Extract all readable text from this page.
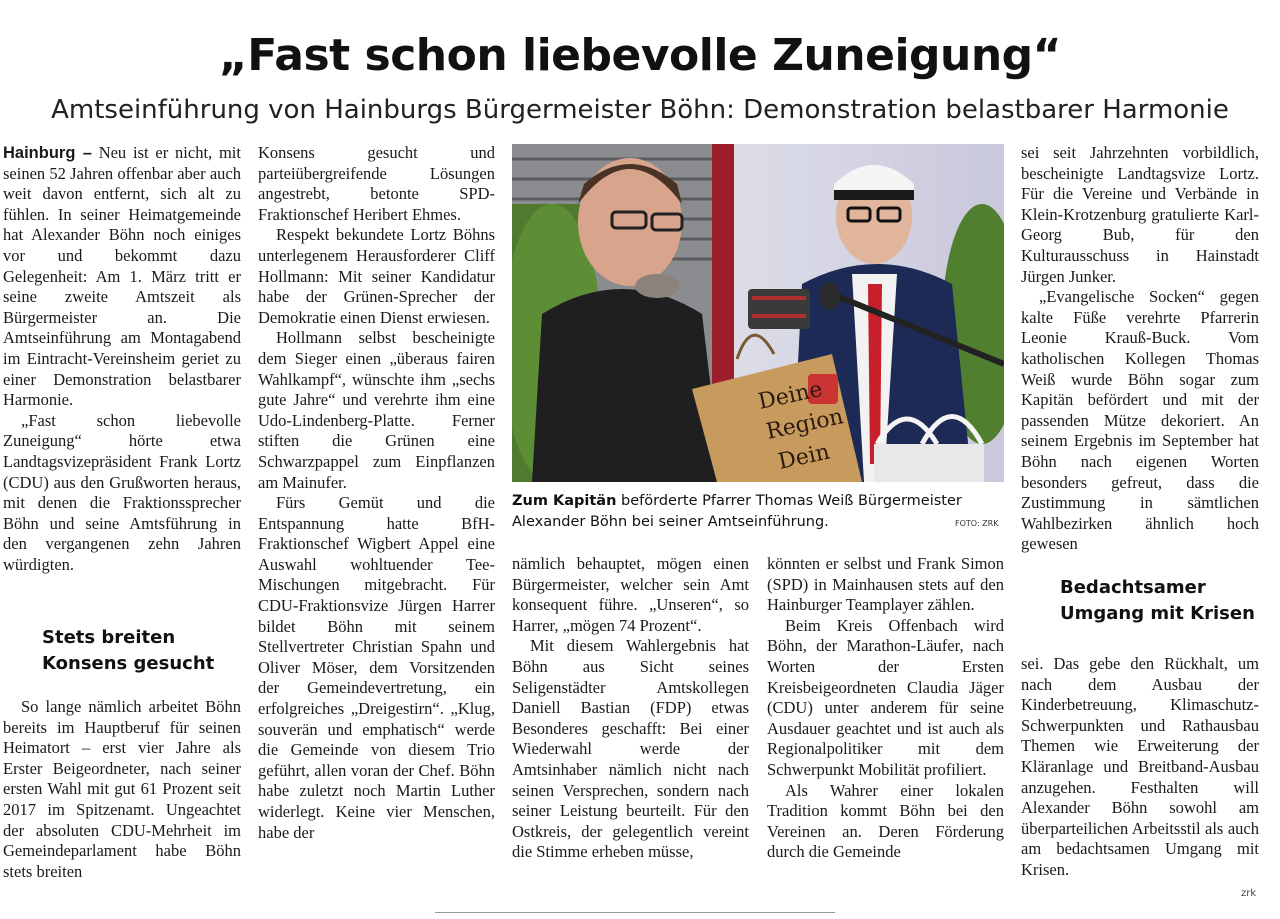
„Fast schon liebevolle Zuneigung“
Amtseinführung von Hainburgs Bürgermeister Böhn: Demonstration belastbarer Harmonie

Hainburg – Neu ist er nicht, mit seinen 52 Jahren offenbar aber auch weit davon entfernt, sich alt zu fühlen. In seiner Heimatgemeinde hat Alexander Böhn noch einiges vor und bekommt dazu Gelegenheit: Am 1. März tritt er seine zweite Amtszeit als Bürgermeister an. Die Amtseinführung am Montagabend im Eintracht-Vereinsheim geriet zu einer Demonstration belastbarer Harmonie.

„Fast schon liebevolle Zuneigung“ hörte etwa Landtagsvizepräsident Frank Lortz (CDU) aus den Grußworten heraus, mit denen die Fraktionssprecher Böhn und seine Amtsführung in den vergangenen zehn Jahren würdigten.

Stets breiten
Konsens gesucht

So lange nämlich arbeitet Böhn bereits im Hauptberuf für seinen Heimatort – erst vier Jahre als Erster Beigeordneter, nach seiner ersten Wahl mit gut 61 Prozent seit 2017 im Spitzenamt. Ungeachtet der absoluten CDU-Mehrheit im Gemeindeparlament habe Böhn stets breiten

Konsens gesucht und parteiübergreifende Lösungen angestrebt, betonte SPD-Fraktionschef Heribert Ehmes.

Respekt bekundete Lortz Böhns unterlegenem Herausforderer Cliff Hollmann: Mit seiner Kandidatur habe der Grünen-Sprecher der Demokratie einen Dienst erwiesen.

Hollmann selbst bescheinigte dem Sieger einen „überaus fairen Wahlkampf“, wünschte ihm „sechs gute Jahre“ und verehrte ihm eine Udo-Lindenberg-Platte. Ferner stiften die Grünen eine Schwarzpappel zum Einpflanzen am Mainufer.

Fürs Gemüt und die Entspannung hatte BfH-Fraktionschef Wigbert Appel eine Auswahl wohltuender Tee-Mischungen mitgebracht. Für CDU-Fraktionsvize Jürgen Harrer bildet Böhn mit seinem Stellvertreter Christian Spahn und Oliver Möser, dem Vorsitzenden der Gemeindevertretung, ein erfolgreiches „Dreigestirn“. „Klug, souverän und emphatisch“ werde die Gemeinde von diesem Trio geführt, allen voran der Chef. Böhn habe zuletzt noch Martin Luther widerlegt. Keine vier Menschen, habe der

Deine
Region
Dein
Zum Kapitän beförderte Pfarrer Thomas Weiß Bürgermeister Alexander Böhn bei seiner Amtseinführung.	FOTO: ZRK

nämlich behauptet, mögen einen Bürgermeister, welcher sein Amt konsequent führe. „Unseren“, so Harrer, „mögen 74 Prozent“.

Mit diesem Wahlergebnis hat Böhn aus Sicht seines Seligenstädter Amtskollegen Daniell Bastian (FDP) etwas Besonderes geschafft: Bei einer Wiederwahl werde der Amtsinhaber nämlich nicht nach seinen Versprechen, sondern nach seiner Leistung beurteilt. Für den Ostkreis, der gelegentlich vereint die Stimme erheben müsse,

könnten er selbst und Frank Simon (SPD) in Mainhausen stets auf den Hainburger Teamplayer zählen.

Beim Kreis Offenbach wird Böhn, der Marathon-Läufer, nach Worten der Ersten Kreisbeigeordneten Claudia Jäger (CDU) unter anderem für seine Ausdauer geachtet und ist auch als Regionalpolitiker mit dem Schwerpunkt Mobilität profiliert.

Als Wahrer einer lokalen Tradition kommt Böhn bei den Vereinen an. Deren Förderung durch die Gemeinde

sei seit Jahrzehnten vorbildlich, bescheinigte Landtagsvize Lortz. Für die Vereine und Verbände in Klein-Krotzenburg gratulierte Karl-Georg Bub, für den Kulturausschuss in Hainstadt Jürgen Junker.

„Evangelische Socken“ gegen kalte Füße verehrte Pfarrerin Leonie Krauß-Buck. Vom katholischen Kollegen Thomas Weiß wurde Böhn sogar zum Kapitän befördert und mit der passenden Mütze dekoriert. An seinem Ergebnis im September hat Böhn nach eigenen Worten besonders gefreut, dass die Zustimmung in sämtlichen Wahlbezirken ähnlich hoch gewesen

Bedachtsamer
Umgang mit Krisen

sei. Das gebe den Rückhalt, um nach dem Ausbau der Kinderbetreuung, Klimaschutz-Schwerpunkten und Rathausbau Themen wie Erweiterung der Kläranlage und Breitband-Ausbau anzugehen. Festhalten will Alexander Böhn sowohl am überparteilichen Arbeitsstil als auch am bedachtsamen Umgang mit Krisen.

zrk
